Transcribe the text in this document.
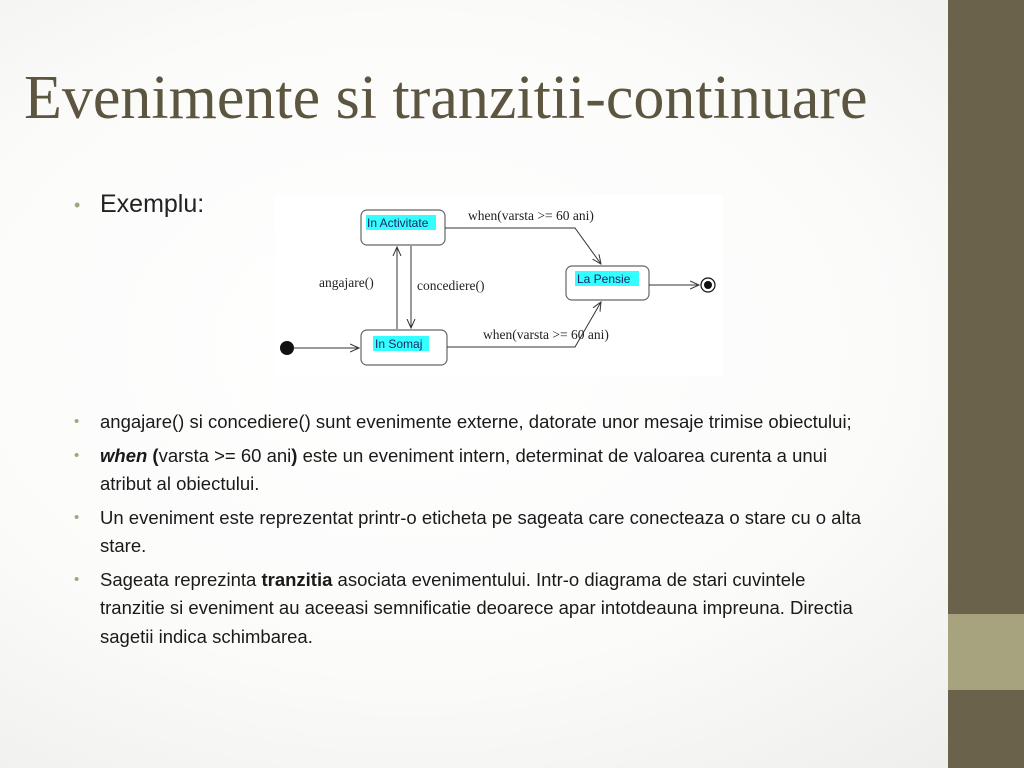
Evenimente si tranzitii-continuare
• Exemplu:
In Activitate
La Pensie
In Somaj
angajare()	concediere()
when(varsta >= 60 ani)
when(varsta >= 60 ani)
• angajare() si concediere() sunt evenimente externe, datorate unor mesaje trimise obiectului;
• when (varsta >= 60 ani) este un eveniment intern, determinat de valoarea curenta a unui atribut al obiectului.
• Un eveniment este reprezentat printr-o eticheta pe sageata care conecteaza o stare cu o alta stare.
• Sageata reprezinta tranzitia asociata evenimentului. Intr-o diagrama de stari cuvintele tranzitie si eveniment au aceeasi semnificatie deoarece apar intotdeauna impreuna. Directia sagetii indica schimbarea.
